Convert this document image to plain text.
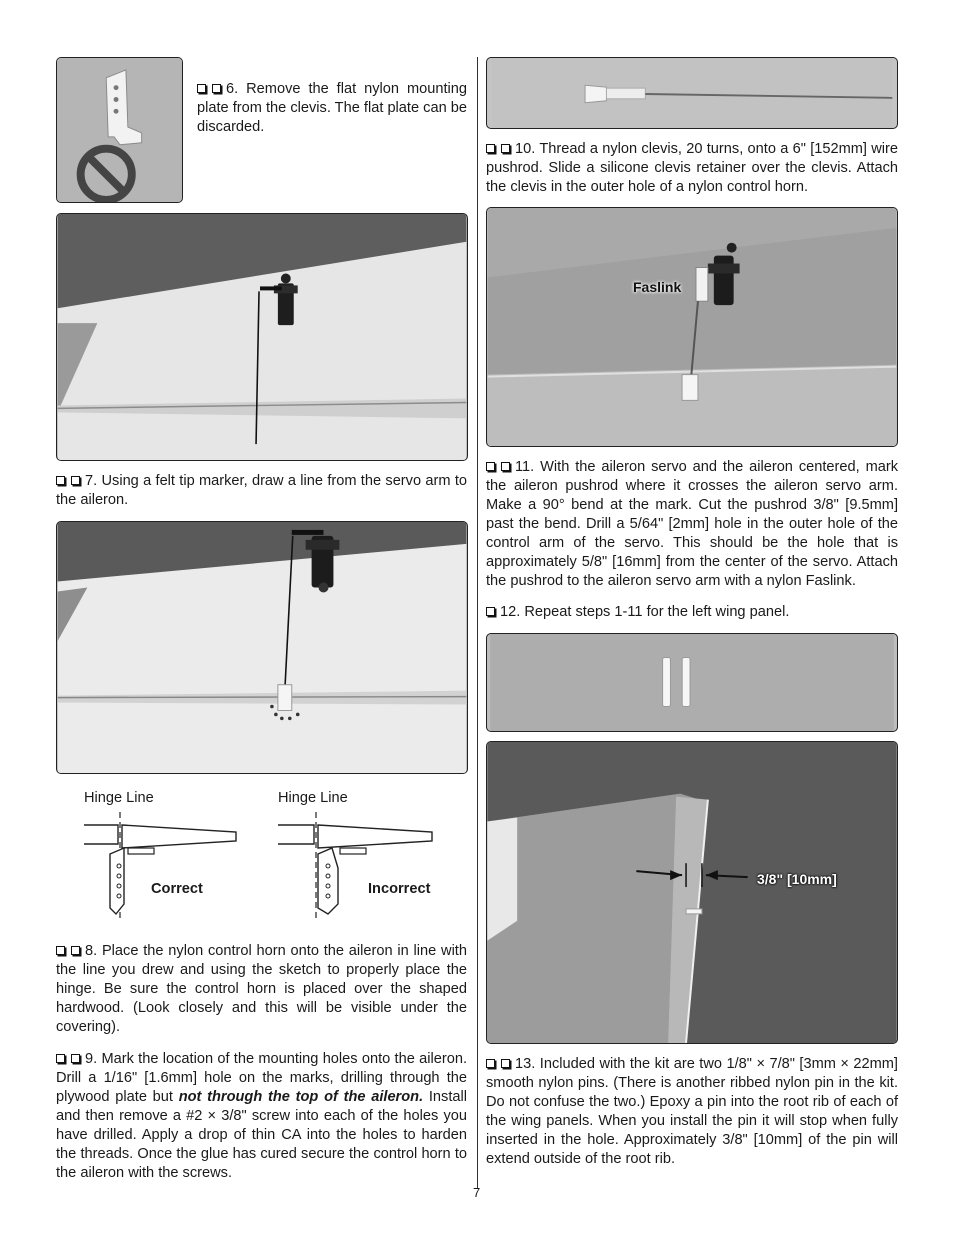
6. Remove the flat nylon mounting plate from the clevis. The flat plate can be discarded.

7. Using a felt tip marker, draw a line from the servo arm to the aileron.

Hinge Line	Hinge Line
Correct	Incorrect

8. Place the nylon control horn onto the aileron in line with the line you drew and using the sketch to properly place the hinge. Be sure the control horn is placed over the shaped hardwood. (Look closely and this will be visible under the covering).

9. Mark the location of the mounting holes onto the aileron. Drill a 1/16" [1.6mm] hole on the marks, drilling through the plywood plate but not through the top of the aileron. Install and then remove a #2 × 3/8" screw into each of the holes you have drilled. Apply a drop of thin CA into the holes to harden the threads. Once the glue has cured secure the control horn to the aileron with the screws.

10. Thread a nylon clevis, 20 turns, onto a 6" [152mm] wire pushrod. Slide a silicone clevis retainer over the clevis. Attach the clevis in the outer hole of a nylon control horn.

Faslink

11. With the aileron servo and the aileron centered, mark the aileron pushrod where it crosses the aileron servo arm. Make a 90° bend at the mark. Cut the pushrod 3/8" [9.5mm] past the bend. Drill a 5/64" [2mm] hole in the outer hole of the control arm of the servo. This should be the hole that is approximately 5/8" [16mm] from the center of the servo. Attach the pushrod to the aileron servo arm with a nylon Faslink.

12. Repeat steps 1-11 for the left wing panel.

3/8" [10mm]

13. Included with the kit are two 1/8" × 7/8" [3mm × 22mm] smooth nylon pins. (There is another ribbed nylon pin in the kit. Do not confuse the two.) Epoxy a pin into the root rib of each of the wing panels. When you install the pin it will stop when fully inserted in the hole. Approximately 3/8" [10mm] of the pin will extend outside of the root rib.

7
